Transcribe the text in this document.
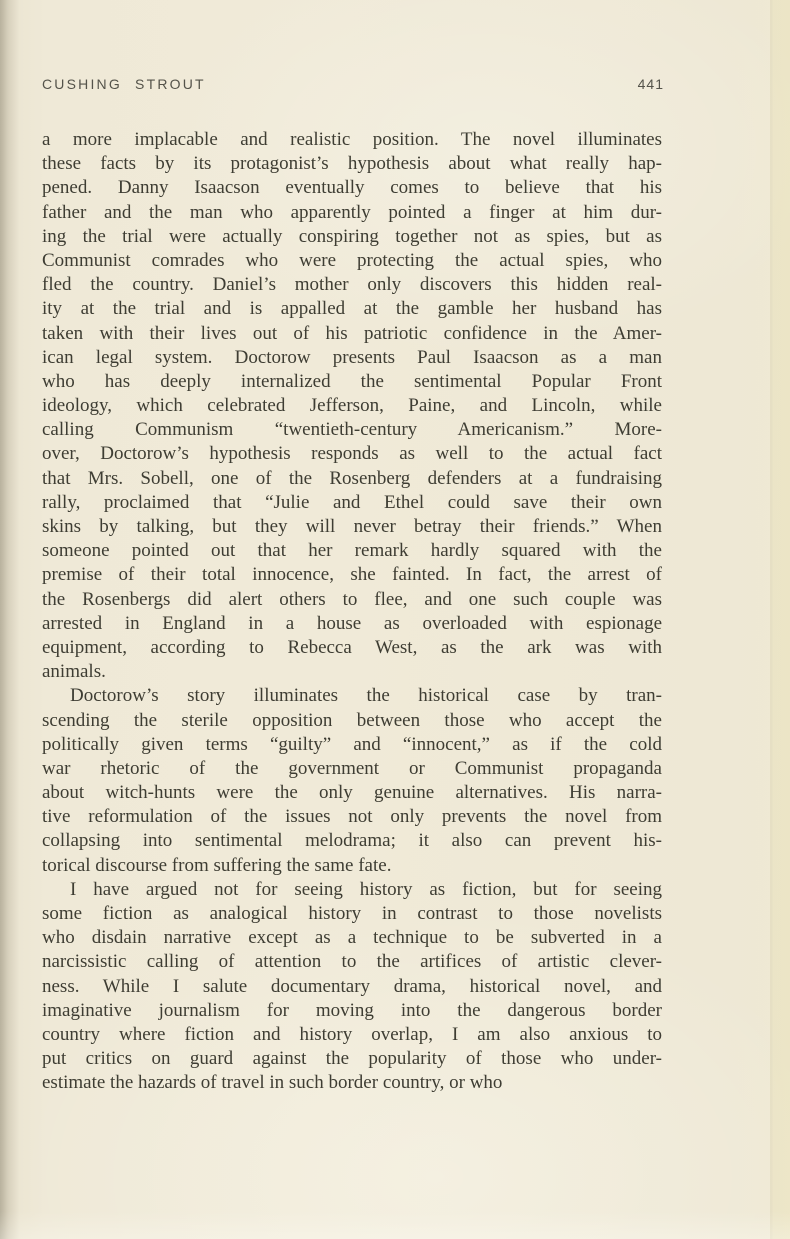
CUSHING STROUT	441

a more implacable and realistic position. The novel illuminates
these facts by its protagonist’s hypothesis about what really hap-
pened. Danny Isaacson eventually comes to believe that his
father and the man who apparently pointed a finger at him dur-
ing the trial were actually conspiring together not as spies, but as
Communist comrades who were protecting the actual spies, who
fled the country. Daniel’s mother only discovers this hidden real-
ity at the trial and is appalled at the gamble her husband has
taken with their lives out of his patriotic confidence in the Amer-
ican legal system. Doctorow presents Paul Isaacson as a man
who has deeply internalized the sentimental Popular Front
ideology, which celebrated Jefferson, Paine, and Lincoln, while
calling Communism “twentieth-century Americanism.” More-
over, Doctorow’s hypothesis responds as well to the actual fact
that Mrs. Sobell, one of the Rosenberg defenders at a fundraising
rally, proclaimed that “Julie and Ethel could save their own
skins by talking, but they will never betray their friends.” When
someone pointed out that her remark hardly squared with the
premise of their total innocence, she fainted. In fact, the arrest of
the Rosenbergs did alert others to flee, and one such couple was
arrested in England in a house as overloaded with espionage
equipment, according to Rebecca West, as the ark was with
animals.

Doctorow’s story illuminates the historical case by tran-
scending the sterile opposition between those who accept the
politically given terms “guilty” and “innocent,” as if the cold
war rhetoric of the government or Communist propaganda
about witch-hunts were the only genuine alternatives. His narra-
tive reformulation of the issues not only prevents the novel from
collapsing into sentimental melodrama; it also can prevent his-
torical discourse from suffering the same fate.

I have argued not for seeing history as fiction, but for seeing
some fiction as analogical history in contrast to those novelists
who disdain narrative except as a technique to be subverted in a
narcissistic calling of attention to the artifices of artistic clever-
ness. While I salute documentary drama, historical novel, and
imaginative journalism for moving into the dangerous border
country where fiction and history overlap, I am also anxious to
put critics on guard against the popularity of those who under-
estimate the hazards of travel in such border country, or who
